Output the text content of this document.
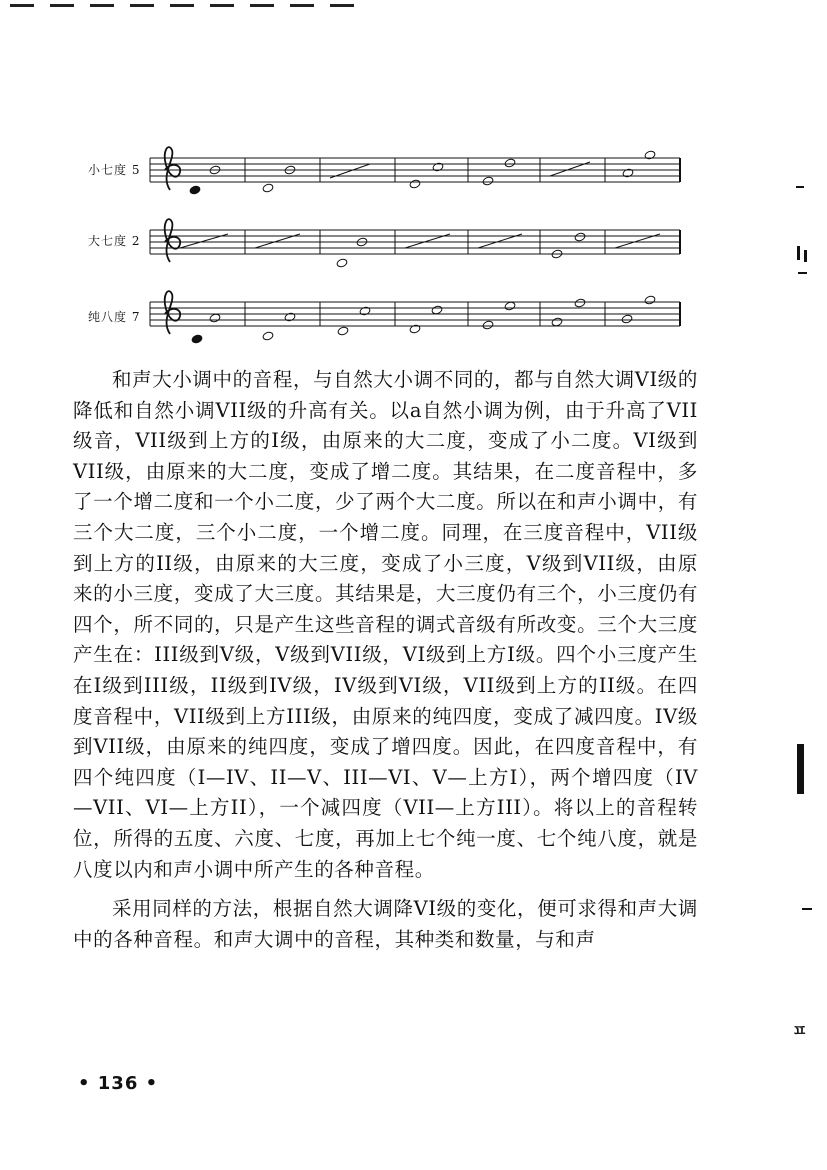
小七度 5
大七度 2
纯八度 7

和声大小调中的音程，与自然大小调不同的，都与自然大调VI级的降低和自然小调VII级的升高有关。以a自然小调为例，由于升高了VII级音，VII级到上方的I级，由原来的大二度，变成了小二度。VI级到VII级，由原来的大二度，变成了增二度。其结果，在二度音程中，多了一个增二度和一个小二度，少了两个大二度。所以在和声小调中，有三个大二度，三个小二度，一个增二度。同理，在三度音程中，VII级到上方的II级，由原来的大三度，变成了小三度，V级到VII级，由原来的小三度，变成了大三度。其结果是，大三度仍有三个，小三度仍有四个，所不同的，只是产生这些音程的调式音级有所改变。三个大三度产生在：III级到V级，V级到VII级，VI级到上方I级。四个小三度产生在I级到III级，II级到IV级，IV级到VI级，VII级到上方的II级。在四度音程中，VII级到上方III级，由原来的纯四度，变成了减四度。IV级到VII级，由原来的纯四度，变成了增四度。因此，在四度音程中，有四个纯四度（I—IV、II—V、III—VI、V—上方I），两个增四度（IV—VII、VI—上方II），一个减四度（VII—上方III）。将以上的音程转位，所得的五度、六度、七度，再加上七个纯一度、七个纯八度，就是八度以内和声小调中所产生的各种音程。

采用同样的方法，根据自然大调降VI级的变化，便可求得和声大调中的各种音程。和声大调中的音程，其种类和数量，与和声

• 136 •
ㅍ
